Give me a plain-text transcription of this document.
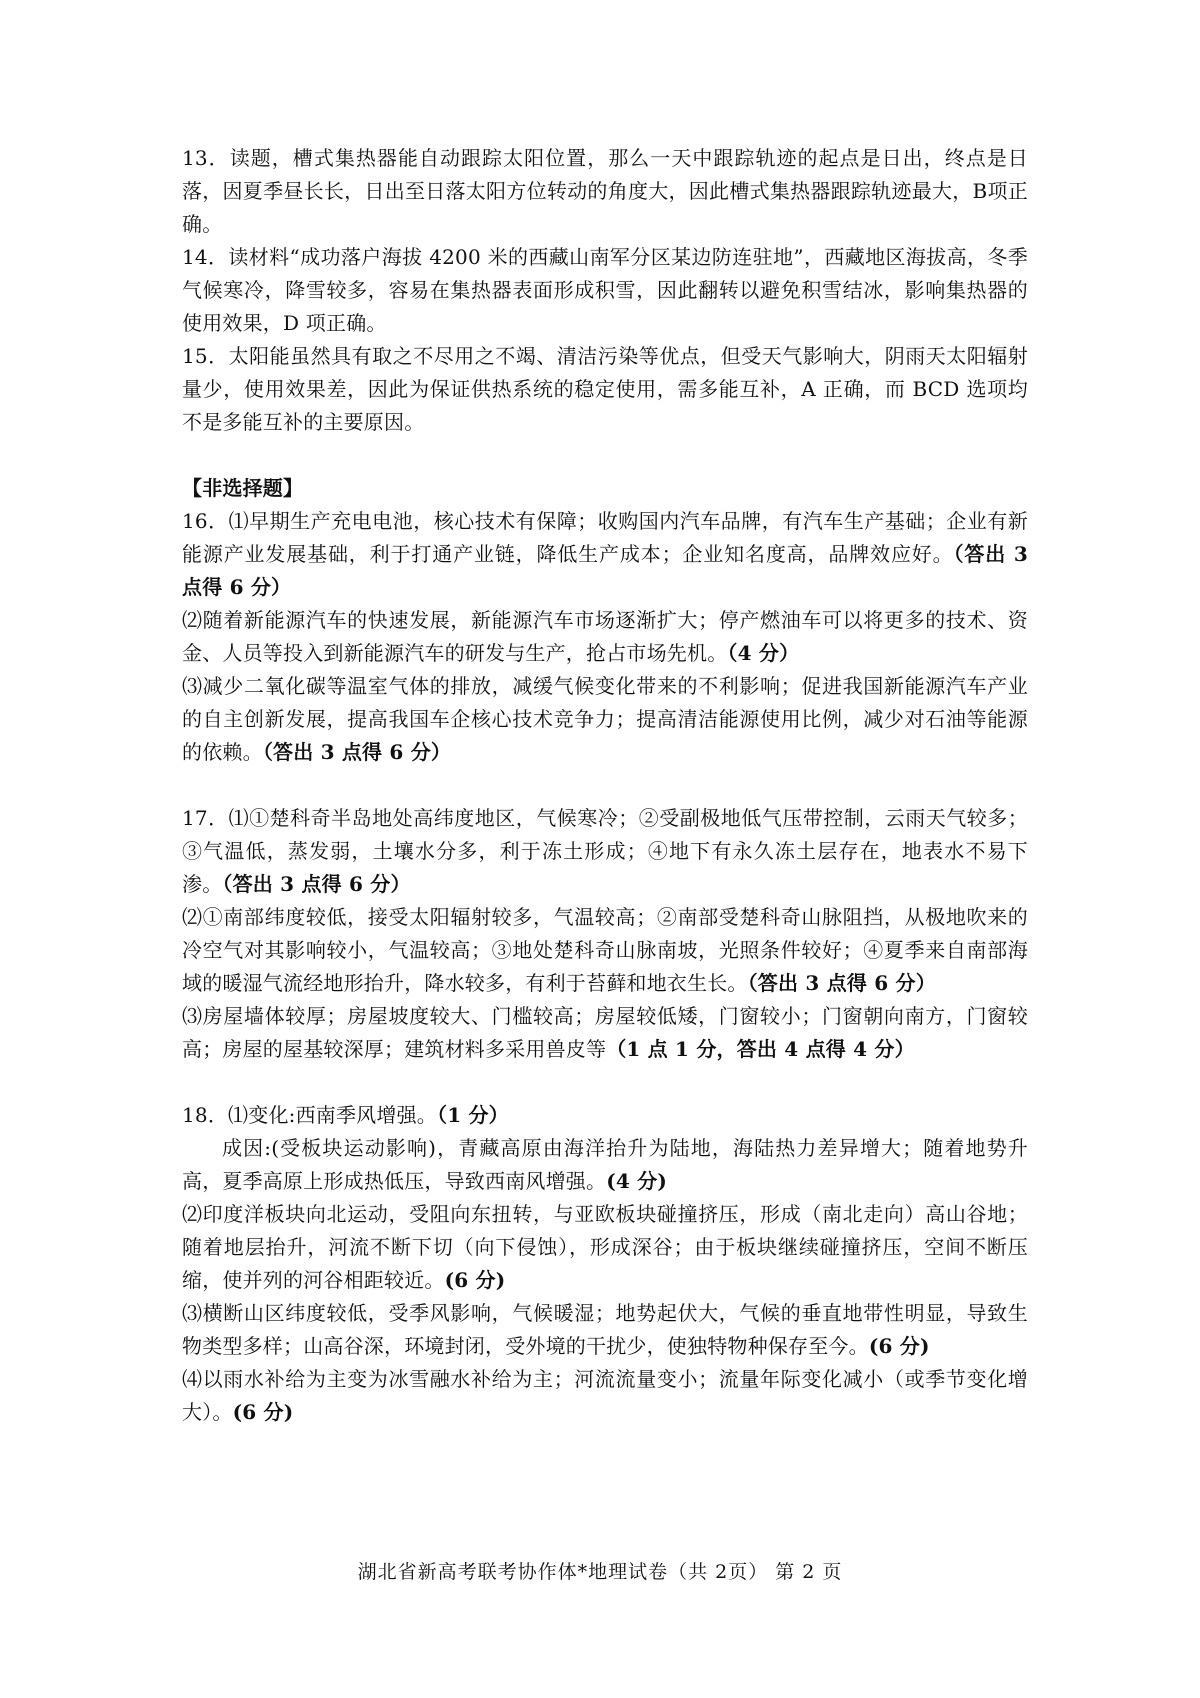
13．读题，槽式集热器能自动跟踪太阳位置，那么一天中跟踪轨迹的起点是日出，终点是日落，因夏季昼长长，日出至日落太阳方位转动的角度大，因此槽式集热器跟踪轨迹最大，B项正确。

14．读材料“成功落户海拔 4200 米的西藏山南军分区某边防连驻地”，西藏地区海拔高，冬季气候寒冷，降雪较多，容易在集热器表面形成积雪，因此翻转以避免积雪结冰，影响集热器的使用效果，D 项正确。

15．太阳能虽然具有取之不尽用之不竭、清洁污染等优点，但受天气影响大，阴雨天太阳辐射量少，使用效果差，因此为保证供热系统的稳定使用，需多能互补，A 正确，而 BCD 选项均不是多能互补的主要原因。

【非选择题】

16．⑴早期生产充电电池，核心技术有保障；收购国内汽车品牌，有汽车生产基础；企业有新能源产业发展基础，利于打通产业链，降低生产成本；企业知名度高，品牌效应好。（答出 3 点得 6 分）

⑵随着新能源汽车的快速发展，新能源汽车市场逐渐扩大；停产燃油车可以将更多的技术、资金、人员等投入到新能源汽车的研发与生产，抢占市场先机。（4 分）

⑶减少二氧化碳等温室气体的排放，减缓气候变化带来的不利影响；促进我国新能源汽车产业的自主创新发展，提高我国车企核心技术竞争力；提高清洁能源使用比例，减少对石油等能源的依赖。（答出 3 点得 6 分）

17．⑴①楚科奇半岛地处高纬度地区，气候寒冷；②受副极地低气压带控制，云雨天气较多；③气温低，蒸发弱，土壤水分多，利于冻土形成；④地下有永久冻土层存在，地表水不易下渗。（答出 3 点得 6 分）

⑵①南部纬度较低，接受太阳辐射较多，气温较高；②南部受楚科奇山脉阻挡，从极地吹来的冷空气对其影响较小，气温较高；③地处楚科奇山脉南坡，光照条件较好；④夏季来自南部海域的暖湿气流经地形抬升，降水较多，有利于苔藓和地衣生长。（答出 3 点得 6 分）

⑶房屋墙体较厚；房屋坡度较大、门槛较高；房屋较低矮，门窗较小；门窗朝向南方，门窗较高；房屋的屋基较深厚；建筑材料多采用兽皮等（1 点 1 分，答出 4 点得 4 分）

18．⑴变化:西南季风增强。（1 分）

成因:(受板块运动影响)，青藏高原由海洋抬升为陆地，海陆热力差异增大；随着地势升高，夏季高原上形成热低压，导致西南风增强。(4 分)

⑵印度洋板块向北运动，受阻向东扭转，与亚欧板块碰撞挤压，形成（南北走向）高山谷地；随着地层抬升，河流不断下切（向下侵蚀），形成深谷；由于板块继续碰撞挤压，空间不断压缩，使并列的河谷相距较近。(6 分)

⑶横断山区纬度较低，受季风影响，气候暖湿；地势起伏大，气候的垂直地带性明显，导致生物类型多样；山高谷深，环境封闭，受外境的干扰少，使独特物种保存至今。(6 分)

⑷以雨水补给为主变为冰雪融水补给为主；河流流量变小；流量年际变化减小（或季节变化增大）。(6 分)

湖北省新高考联考协作体*地理试卷（共 2页） 第 2 页
